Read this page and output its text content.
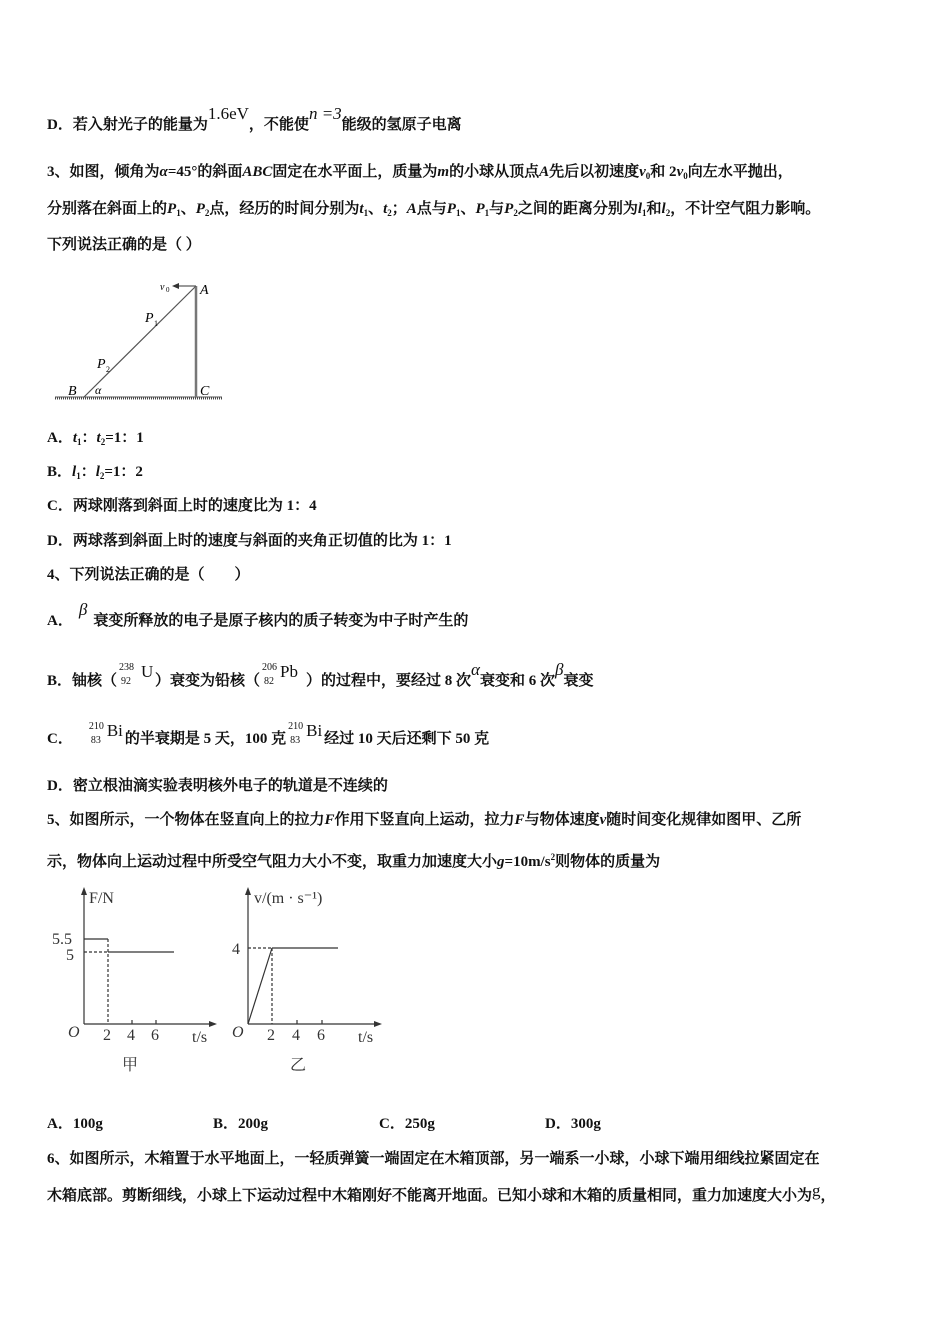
D．若入射光子的能量为1.6eV，不能使n =3能级的氢原子电离
3、如图，倾角为α=45°的斜面ABC固定在水平面上，质量为m的小球从顶点A先后以初速度$v_0$和 $2v_0$向左水平抛出，
分别落在斜面上的$P_1$、$P_2$点，经历的时间分别为$t_1$、$t_2$；A点与$P_1$、$P_1$与$P_2$之间的距离分别为$l_1$和$l_2$，不计空气阻力影响。
下列说法正确的是（ ）
v 0 A
B	C
α
P 1
P 2
A．$t_1$：$t_2=1$：1
B．$l_1$：$l_2=1$：2
C．两球刚落到斜面上时的速度比为 1：4
D．两球落到斜面上时的速度与斜面的夹角正切值的比为 1：1
4、下列说法正确的是（　　）
A．β衰变所释放的电子是原子核内的质子转变为中子时产生的
B．铀核（
238
92
U ）衰变为铅核（
206
82
Pb ）的过程中，要经过 8 次α衰变和 6 次β衰变
C．
210
83
Bi 的半衰期是 5 天，100 克
210
83
Bi 经过 10 天后还剩下 50 克
D．密立根油滴实验表明核外电子的轨道是不连续的
5、如图所示，一个物体在竖直向上的拉力F作用下竖直向上运动，拉力F与物体速度v随时间变化规律如图甲、乙所
示，物体向上运动过程中所受空气阻力大小不变，取重力加速度大小$g=10m/s^2$则物体的质量为
F/N
5.5
5
O 2 4 6 t/s
甲
v/(m · s⁻¹)
4
O 2 4 6 t/s
乙
A．100g	B．200g	C．250g	D．300g
6、如图所示，木箱置于水平地面上，一轻质弹簧一端固定在木箱顶部，另一端系一小球，小球下端用细线拉紧固定在
木箱底部。剪断细线，小球上下运动过程中木箱刚好不能离开地面。已知小球和木箱的质量相同，重力加速度大小为g，
